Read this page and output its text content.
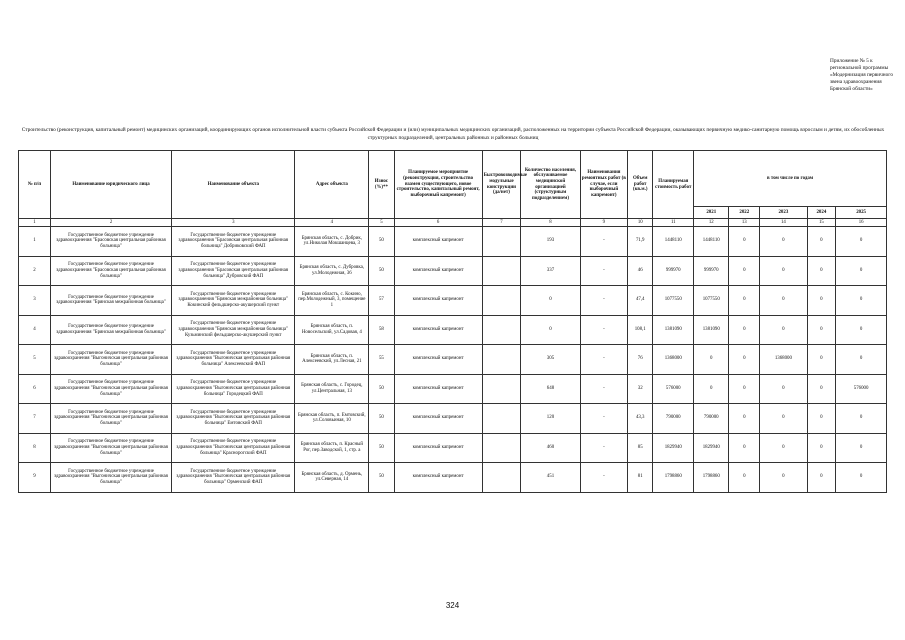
Приложение № 5 к региональной программы «Модернизация первичного звена здравоохранения Брянской области»
Строительство (реконструкция, капитальный ремонт) медицинских организаций, координирующих органов исполнительной власти субъекта Российской Федерации и (или) муниципальных медицинских организаций, расположенных на территории субъекта Российской Федерации, оказывающих первичную медико-санитарную помощь взрослым и детям, их обособленных структурных подразделений, центральных районных и районных больниц
№ п/п	Наименование юридического лица	Наименование объекта	Адрес объекта	Износ (%)**	Планируемое мероприятие (реконструкция, строительство взамен существующего, новое строительство, капитальный ремонт, выборочный капремонт)	Быстровозводимые модульные конструкции (да/нет)	Количество населения, обслуживаемое медицинской организацией (структурным подразделением)	Наименования ремонтных работ (в случае, если выборочный капремонт)	Объем работ (кв.м.)	Планируемая стоимость работ	в том числе по годам				
											2021	2022	2023	2024	2025
1	2	3	4	5	6	7	8	9	10	11	12	13	14	15	16
1	Государственное бюджетное учреждение здравоохранения "Брасовская центральная районная больница"	Государственное бюджетное учреждение здравоохранения "Брасовская центральная районная больница" Добриковский ФАП	Брянская область, с. Добрик, ул.Николая Мокшанцева, 3	50	комплексный капремонт		193	-	71,9	1448110	1448110	0	0	0	0
2	Государственное бюджетное учреждение здравоохранения "Брасовская центральная районная больница"	Государственное бюджетное учреждение здравоохранения "Брасовская центральная районная больница" Дубровский ФАП	Брянская область, с. Дубровка, ул.Молодежная, 36	50	комплексный капремонт		337	-	46	999970	999970	0	0	0	0
3	Государственное бюджетное учреждение здравоохранения "Брянская межрайонная больница"	Государственное бюджетное учреждение здравоохранения "Брянская межрайонная больница" Кокинский фельдшерско-акушерский пункт	Брянская область, с. Кокино, пер.Молодежный, 3, помещение 1	57	комплексный капремонт		0	-	47,4	1077550	1077550	0	0	0	0
4	Государственное бюджетное учреждение здравоохранения "Брянская межрайонная больница"	Государственное бюджетное учреждение здравоохранения "Брянская межрайонная больница" Кузьминский фельдшерско-акушерский пункт	Брянская область, п. Новосельский, ул.Садовая, 4	58	комплексный капремонт		0	-	108,1	1381090	1381090	0	0	0	0
5	Государственное бюджетное учреждение здравоохранения "Выгоничская центральная районная больница"	Государственное бюджетное учреждение здравоохранения "Выгоничская центральная районная больница" Алексеевский ФАП	Брянская область, п. Алексеевский, ул.Лесная, 21	55	комплексный капремонт		305	-	76	1368000	0	0	1368000	0	0
6	Государственное бюджетное учреждение здравоохранения "Выгоничская центральная районная больница"	Государственное бюджетное учреждение здравоохранения "Выгоничская центральная районная больница" Городецкий ФАП	Брянская область, с. Городец, ул.Центральная, 13	50	комплексный капремонт		648	-	32	576000	0	0	0	0	576000
7	Государственное бюджетное учреждение здравоохранения "Выгоничская центральная районная больница"	Государственное бюджетное учреждение здравоохранения "Выгоничская центральная районная больница" Емтовский ФАП	Брянская область, п. Емтовский, ул.Соловьиная, 10	50	комплексный капремонт		120	-	43,3	790000	790000	0	0	0	0
8	Государственное бюджетное учреждение здравоохранения "Выгоничская центральная районная больница"	Государственное бюджетное учреждение здравоохранения "Выгоничская центральная районная больница" Краснорогский ФАП	Брянская область, п. Красный Рог, пер.Заводской, 1, стр. а	50	комплексный капремонт		460	-	85	1829940	1829940	0	0	0	0
9	Государственное бюджетное учреждение здравоохранения "Выгоничская центральная районная больница"	Государственное бюджетное учреждение здравоохранения "Выгоничская центральная районная больница" Орменский ФАП	Брянская область, д. Ормень, ул.Северная, 14	50	комплексный капремонт		451	-	81	1798860	1798860	0	0	0	0
324
